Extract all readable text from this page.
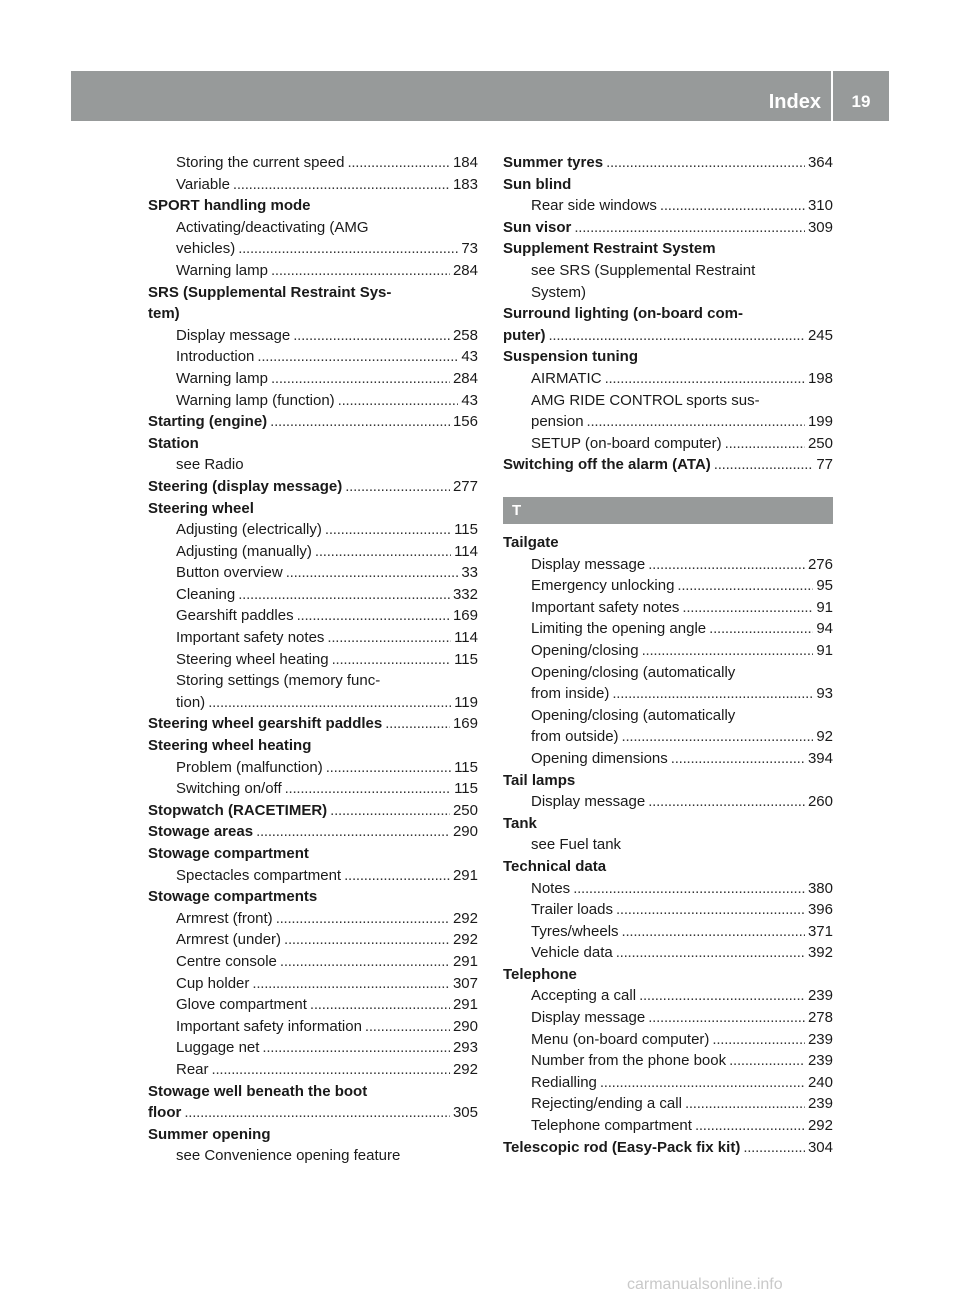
Index	19
Storing the current speed . . .	184
Variable . . .	183
SPORT handling mode
Activating/deactivating (AMG
vehicles) . . .	73
Warning lamp . . .	284
SRS (Supplemental Restraint Sys-
tem)
Display message . . .	258
Introduction . . .	43
Warning lamp . . .	284
Warning lamp (function) . . .	43
Starting (engine) . . .	156
Station
see Radio
Steering (display message) . . .	277
Steering wheel
Adjusting (electrically) . . .	115
Adjusting (manually) . . .	114
Button overview . . .	33
Cleaning . . .	332
Gearshift paddles . . .	169
Important safety notes . . .	114
Steering wheel heating . . .	115
Storing settings (memory func-
tion) . . .	119
Steering wheel gearshift paddles . . .	169
Steering wheel heating
Problem (malfunction) . . .	115
Switching on/off . . .	115
Stopwatch (RACETIMER) . . .	250
Stowage areas . . .	290
Stowage compartment
Spectacles compartment . . .	291
Stowage compartments
Armrest (front) . . .	292
Armrest (under) . . .	292
Centre console . . .	291
Cup holder . . .	307
Glove compartment . . .	291
Important safety information . . .	290
Luggage net . . .	293
Rear . . .	292
Stowage well beneath the boot
floor . . .	305
Summer opening
see Convenience opening feature
Summer tyres . . .	364
Sun blind
Rear side windows . . .	310
Sun visor . . .	309
Supplement Restraint System
see SRS (Supplemental Restraint
System)
Surround lighting (on-board com-
puter) . . .	245
Suspension tuning
AIRMATIC . . .	198
AMG RIDE CONTROL sports sus-
pension . . .	199
SETUP (on-board computer) . . .	250
Switching off the alarm (ATA) . . .	77
T
Tailgate
Display message . . .	276
Emergency unlocking . . .	95
Important safety notes . . .	91
Limiting the opening angle . . .	94
Opening/closing . . .	91
Opening/closing (automatically
from inside) . . .	93
Opening/closing (automatically
from outside) . . .	92
Opening dimensions . . .	394
Tail lamps
Display message . . .	260
Tank
see Fuel tank
Technical data
Notes . . .	380
Trailer loads . . .	396
Tyres/wheels . . .	371
Vehicle data . . .	392
Telephone
Accepting a call . . .	239
Display message . . .	278
Menu (on-board computer) . . .	239
Number from the phone book . . .	239
Redialling . . .	240
Rejecting/ending a call . . .	239
Telephone compartment . . .	292
Telescopic rod (Easy-Pack fix kit) . . .	304
carmanualsonline.info
